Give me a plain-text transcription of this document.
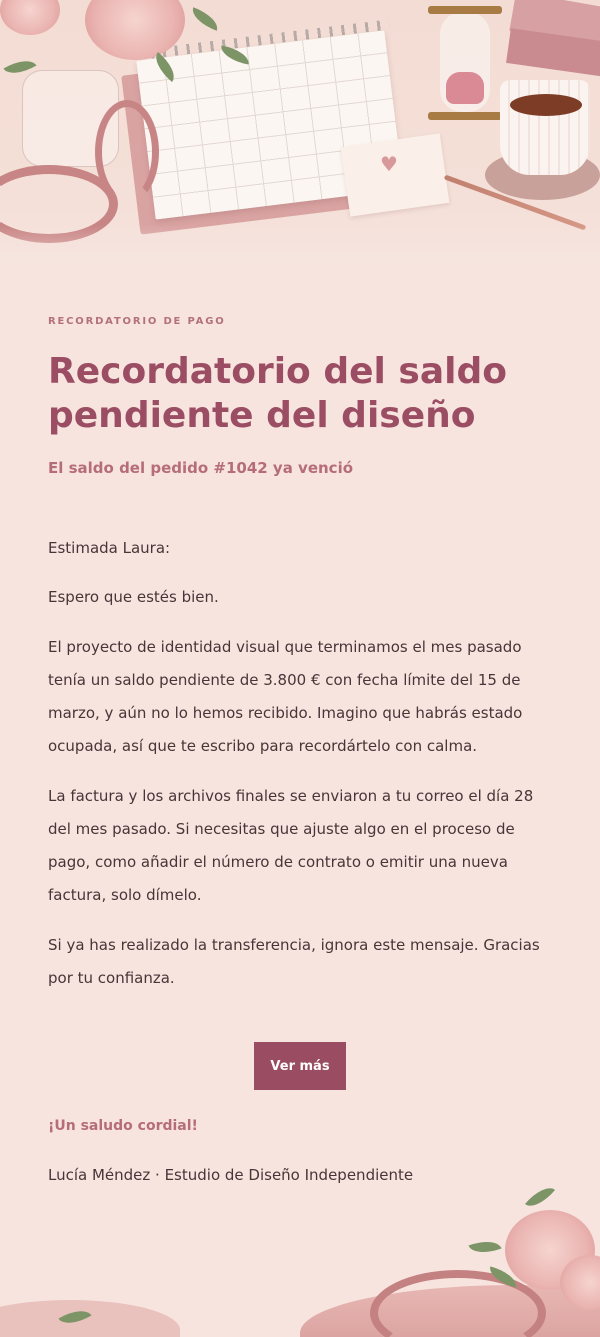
♥

RECORDATORIO DE PAGO

Recordatorio del saldo pendiente del diseño

El saldo del pedido #1042 ya venció

Estimada Laura:

Espero que estés bien.

El proyecto de identidad visual que terminamos el mes pasado tenía un saldo pendiente de 3.800 € con fecha límite del 15 de marzo, y aún no lo hemos recibido. Imagino que habrás estado ocupada, así que te escribo para recordártelo con calma.

La factura y los archivos finales se enviaron a tu correo el día 28 del mes pasado. Si necesitas que ajuste algo en el proceso de pago, como añadir el número de contrato o emitir una nueva factura, solo dímelo.

Si ya has realizado la transferencia, ignora este mensaje. Gracias por tu confianza.

Ver más

¡Un saludo cordial!

Lucía Méndez · Estudio de Diseño Independiente
